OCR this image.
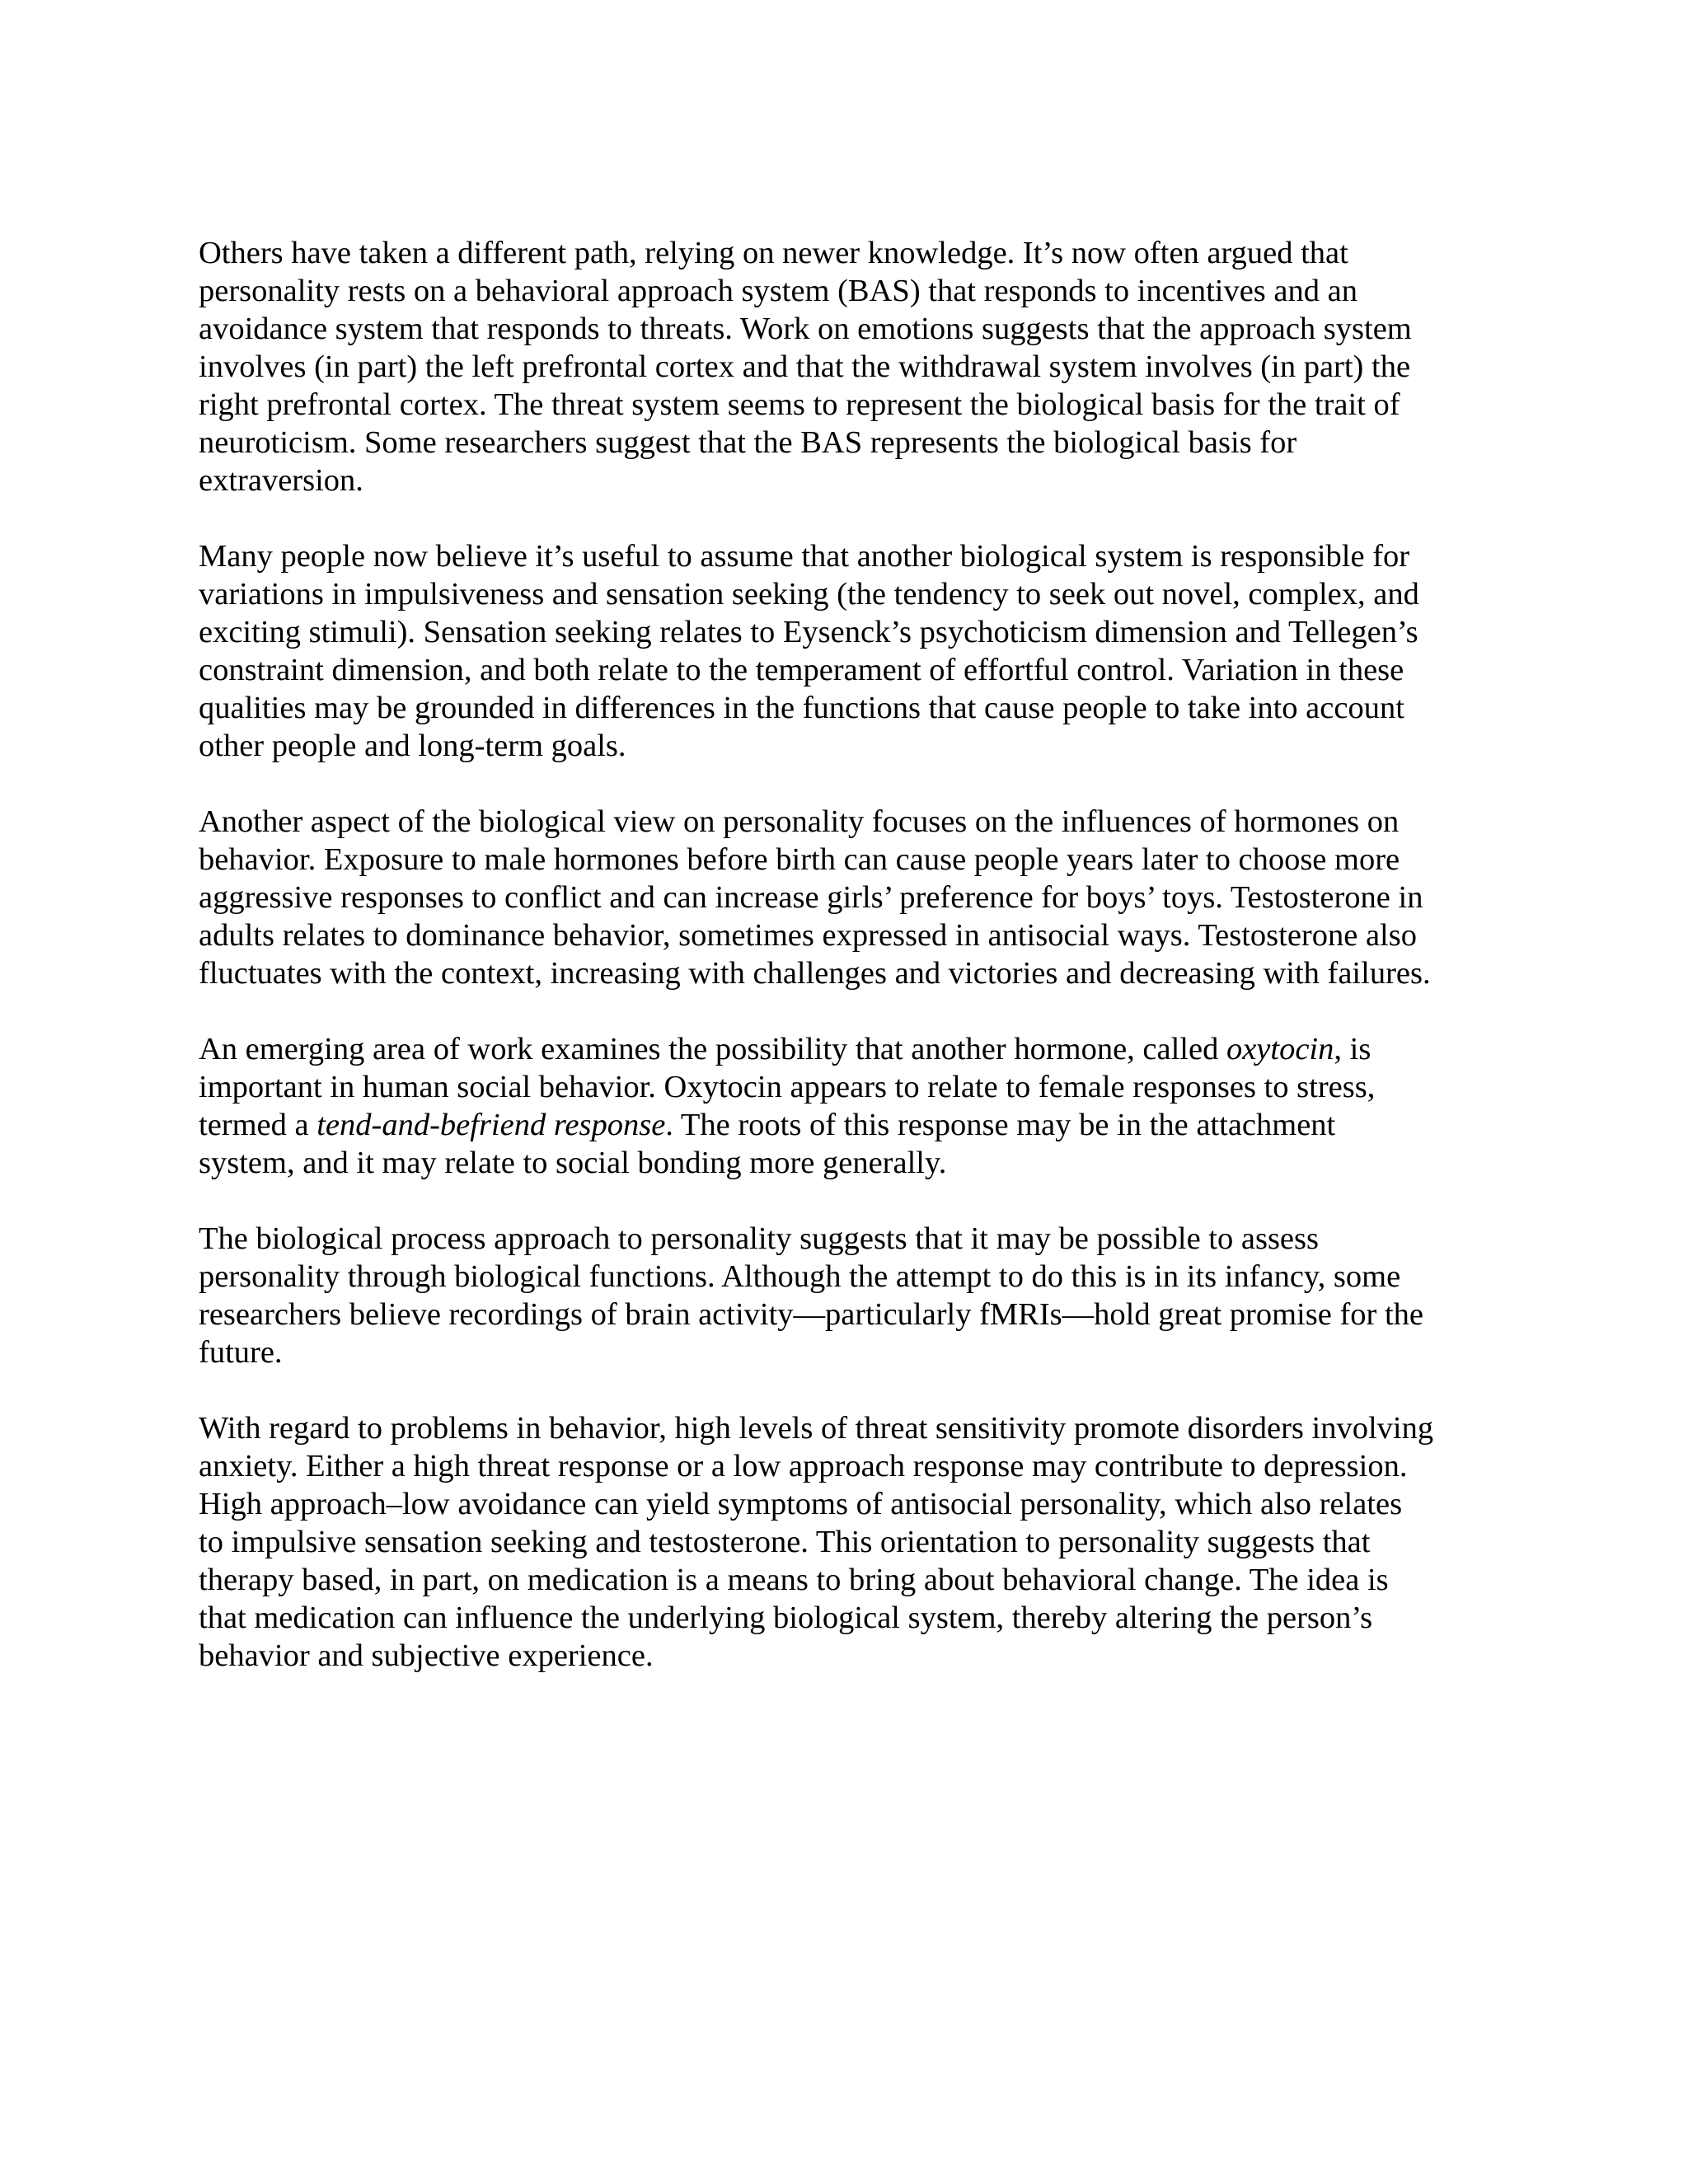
Others have taken a different path, relying on newer knowledge. It’s now often argued that
personality rests on a behavioral approach system (BAS) that responds to incentives and an
avoidance system that responds to threats. Work on emotions suggests that the approach system
involves (in part) the left prefrontal cortex and that the withdrawal system involves (in part) the
right prefrontal cortex. The threat system seems to represent the biological basis for the trait of
neuroticism. Some researchers suggest that the BAS represents the biological basis for
extraversion.

Many people now believe it’s useful to assume that another biological system is responsible for
variations in impulsiveness and sensation seeking (the tendency to seek out novel, complex, and
exciting stimuli). Sensation seeking relates to Eysenck’s psychoticism dimension and Tellegen’s
constraint dimension, and both relate to the temperament of effortful control. Variation in these
qualities may be grounded in differences in the functions that cause people to take into account
other people and long-term goals.

Another aspect of the biological view on personality focuses on the influences of hormones on
behavior. Exposure to male hormones before birth can cause people years later to choose more
aggressive responses to conflict and can increase girls’ preference for boys’ toys. Testosterone in
adults relates to dominance behavior, sometimes expressed in antisocial ways. Testosterone also
fluctuates with the context, increasing with challenges and victories and decreasing with failures.

An emerging area of work examines the possibility that another hormone, called oxytocin, is
important in human social behavior. Oxytocin appears to relate to female responses to stress,
termed a tend-and-befriend response. The roots of this response may be in the attachment
system, and it may relate to social bonding more generally.

The biological process approach to personality suggests that it may be possible to assess
personality through biological functions. Although the attempt to do this is in its infancy, some
researchers believe recordings of brain activity—particularly fMRIs—hold great promise for the
future.

With regard to problems in behavior, high levels of threat sensitivity promote disorders involving
anxiety. Either a high threat response or a low approach response may contribute to depression.
High approach–low avoidance can yield symptoms of antisocial personality, which also relates
to impulsive sensation seeking and testosterone. This orientation to personality suggests that
therapy based, in part, on medication is a means to bring about behavioral change. The idea is
that medication can influence the underlying biological system, thereby altering the person’s
behavior and subjective experience.
